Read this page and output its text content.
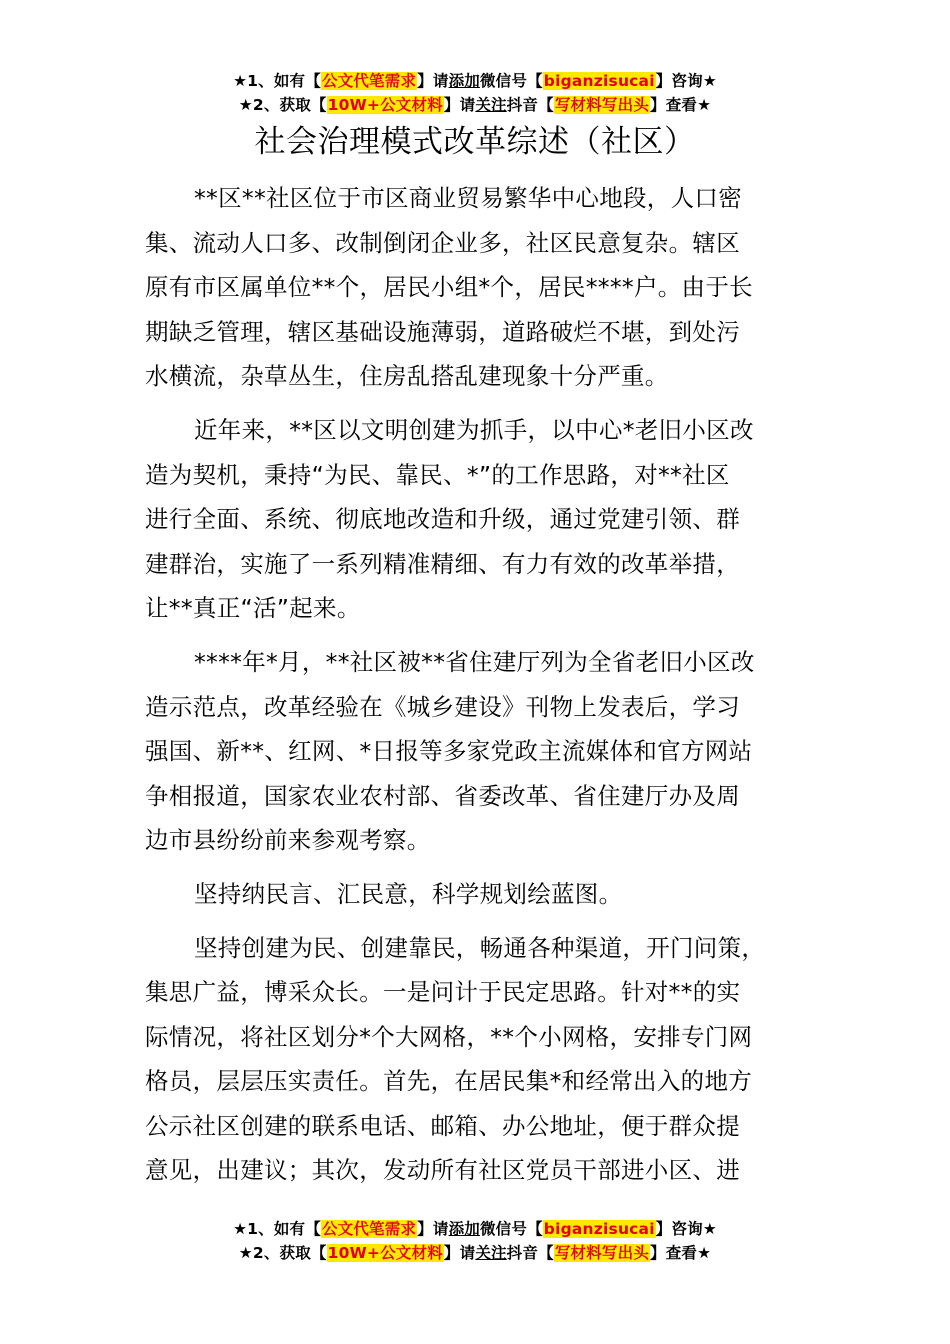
★1、如有【公文代笔需求】请添加微信号【biganzisucai】咨询★
★2、获取【10W+公文材料】请关注抖音【写材料写出头】查看★
社会治理模式改革综述（社区）
**区**社区位于市区商业贸易繁华中心地段，人口密
集、流动人口多、改制倒闭企业多，社区民意复杂。辖区
原有市区属单位**个，居民小组*个，居民****户。由于长
期缺乏管理，辖区基础设施薄弱，道路破烂不堪，到处污
水横流，杂草丛生，住房乱搭乱建现象十分严重。
近年来，**区以文明创建为抓手，以中心*老旧小区改
造为契机，秉持“为民、靠民、*”的工作思路，对**社区
进行全面、系统、彻底地改造和升级，通过党建引领、群
建群治，实施了一系列精准精细、有力有效的改革举措，
让**真正“活”起来。
****年*月，**社区被**省住建厅列为全省老旧小区改
造示范点，改革经验在《城乡建设》刊物上发表后，学习
强国、新**、红网、*日报等多家党政主流媒体和官方网站
争相报道，国家农业农村部、省委改革、省住建厅办及周
边市县纷纷前来参观考察。
坚持纳民言、汇民意，科学规划绘蓝图。
坚持创建为民、创建靠民，畅通各种渠道，开门问策，
集思广益，博采众长。一是问计于民定思路。针对**的实
际情况，将社区划分*个大网格，**个小网格，安排专门网
格员，层层压实责任。首先，在居民集*和经常出入的地方
公示社区创建的联系电话、邮箱、办公地址，便于群众提
意见，出建议；其次，发动所有社区党员干部进小区、进
★1、如有【公文代笔需求】请添加微信号【biganzisucai】咨询★
★2、获取【10W+公文材料】请关注抖音【写材料写出头】查看★
